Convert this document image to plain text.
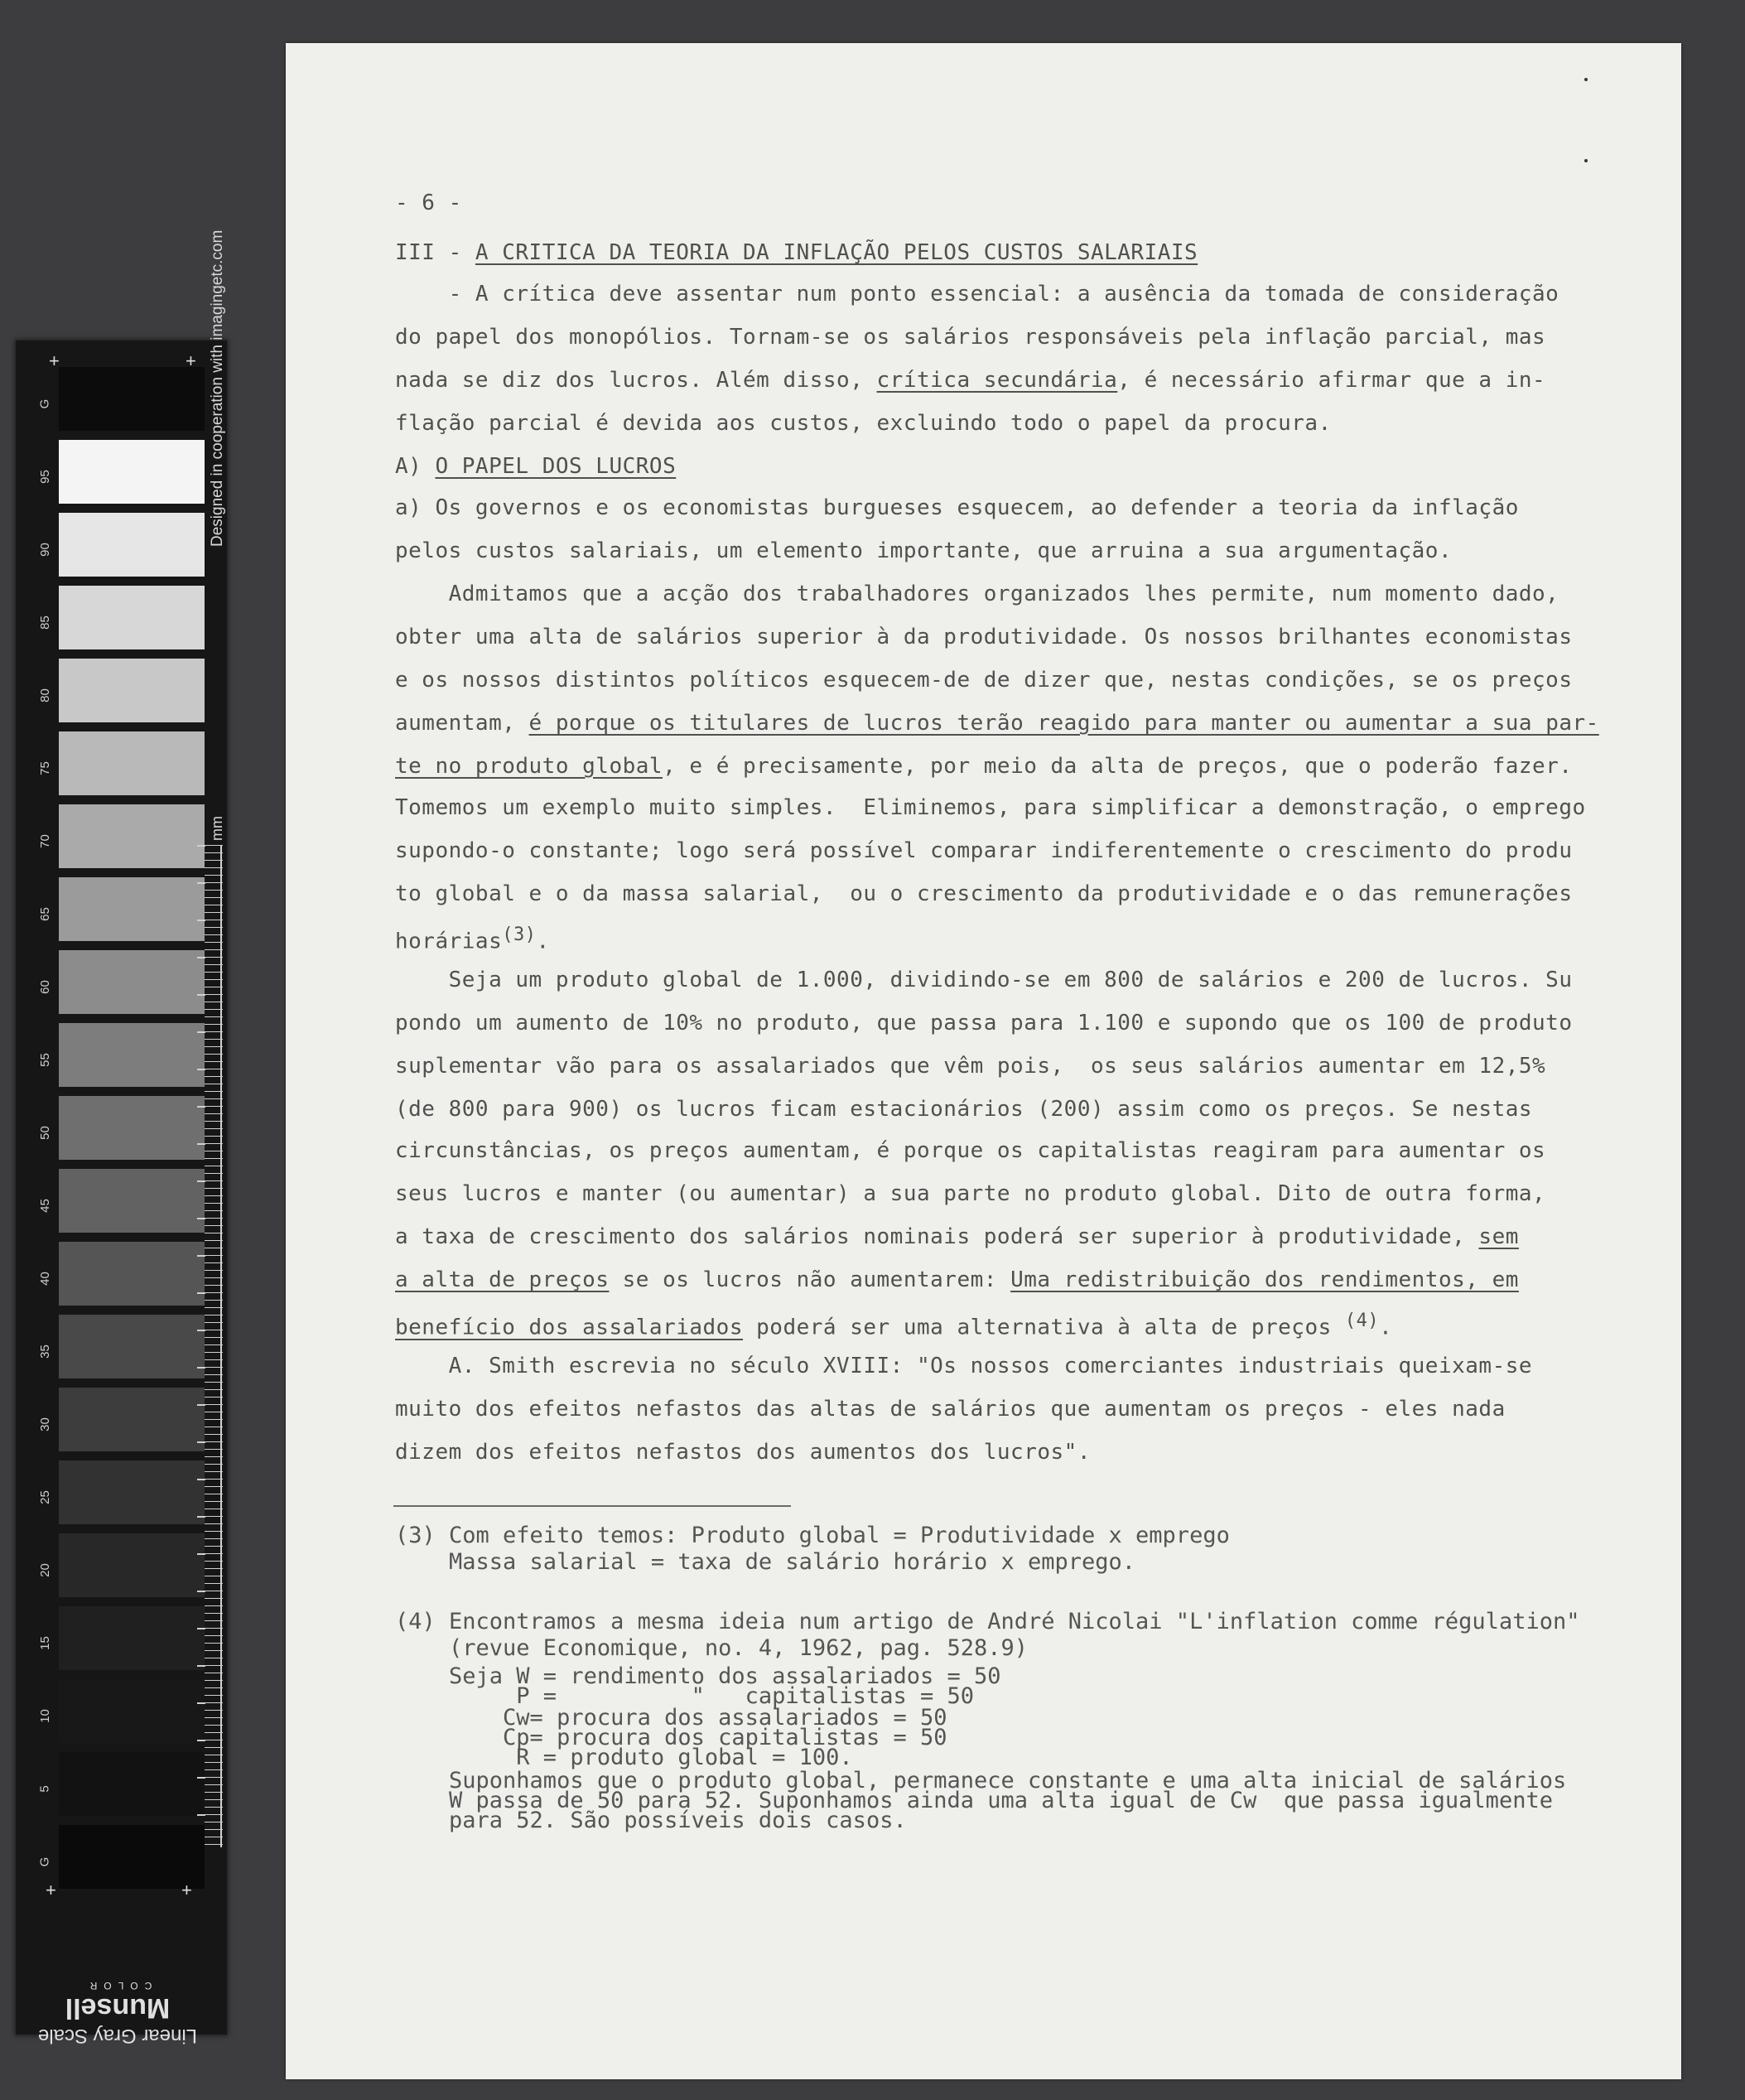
G
95
90
85
80
75
70
65
60
55
50
45
40
35
30
25
20
15
10
5
G
+	+
+	+
Designed in cooperation with imagingetc.com
mm
Linear Gray Scale
Munsell
COLOR
- 6 -
III - A CRITICA DA TEORIA DA INFLAÇÃO PELOS CUSTOS SALARIAIS
- A crítica deve assentar num ponto essencial: a ausência da tomada de consideração
do papel dos monopólios. Tornam-se os salários responsáveis pela inflação parcial, mas
nada se diz dos lucros. Além disso, crítica secundária, é necessário afirmar que a in-
flação parcial é devida aos custos, excluindo todo o papel da procura.
A) O PAPEL DOS LUCROS
a) Os governos e os economistas burgueses esquecem, ao defender a teoria da inflação
pelos custos salariais, um elemento importante, que arruina a sua argumentação.
Admitamos que a acção dos trabalhadores organizados lhes permite, num momento dado,
obter uma alta de salários superior à da produtividade. Os nossos brilhantes economistas
e os nossos distintos políticos esquecem-de de dizer que, nestas condições, se os preços
aumentam, é porque os titulares de lucros terão reagido para manter ou aumentar a sua par-
te no produto global, e é precisamente, por meio da alta de preços, que o poderão fazer.
Tomemos um exemplo muito simples.  Eliminemos, para simplificar a demonstração, o emprego
supondo-o constante; logo será possível comparar indiferentemente o crescimento do produ
to global e o da massa salarial,  ou o crescimento da produtividade e o das remunerações
horárias$^{(3)}$.
Seja um produto global de 1.000, dividindo-se em 800 de salários e 200 de lucros. Su
pondo um aumento de 10% no produto, que passa para 1.100 e supondo que os 100 de produto
suplementar vão para os assalariados que vêm pois,  os seus salários aumentar em 12,5%
(de 800 para 900) os lucros ficam estacionários (200) assim como os preços. Se nestas
circunstâncias, os preços aumentam, é porque os capitalistas reagiram para aumentar os
seus lucros e manter (ou aumentar) a sua parte no produto global. Dito de outra forma,
a taxa de crescimento dos salários nominais poderá ser superior à produtividade, sem
a alta de preços se os lucros não aumentarem: Uma redistribuição dos rendimentos, em
benefício dos assalariados poderá ser uma alternativa à alta de preços $^{(4)}$.
A. Smith escrevia no século XVIII: "Os nossos comerciantes industriais queixam-se
muito dos efeitos nefastos das altas de salários que aumentam os preços - eles nada
dizem dos efeitos nefastos dos aumentos dos lucros".
(3) Com efeito temos: Produto global = Produtividade x emprego
Massa salarial = taxa de salário horário x emprego.
(4) Encontramos a mesma ideia num artigo de André Nicolai "L'inflation comme régulation"
(revue Economique, no. 4, 1962, pag. 528.9)
Seja W = rendimento dos assalariados = 50
P =          "   capitalistas = 50
Cw= procura dos assalariados = 50
Cp= procura dos capitalistas = 50
R = produto global = 100.
Suponhamos que o produto global, permanece constante e uma alta inicial de salários
W passa de 50 para 52. Suponhamos ainda uma alta igual de Cw  que passa igualmente
para 52. São possíveis dois casos.
